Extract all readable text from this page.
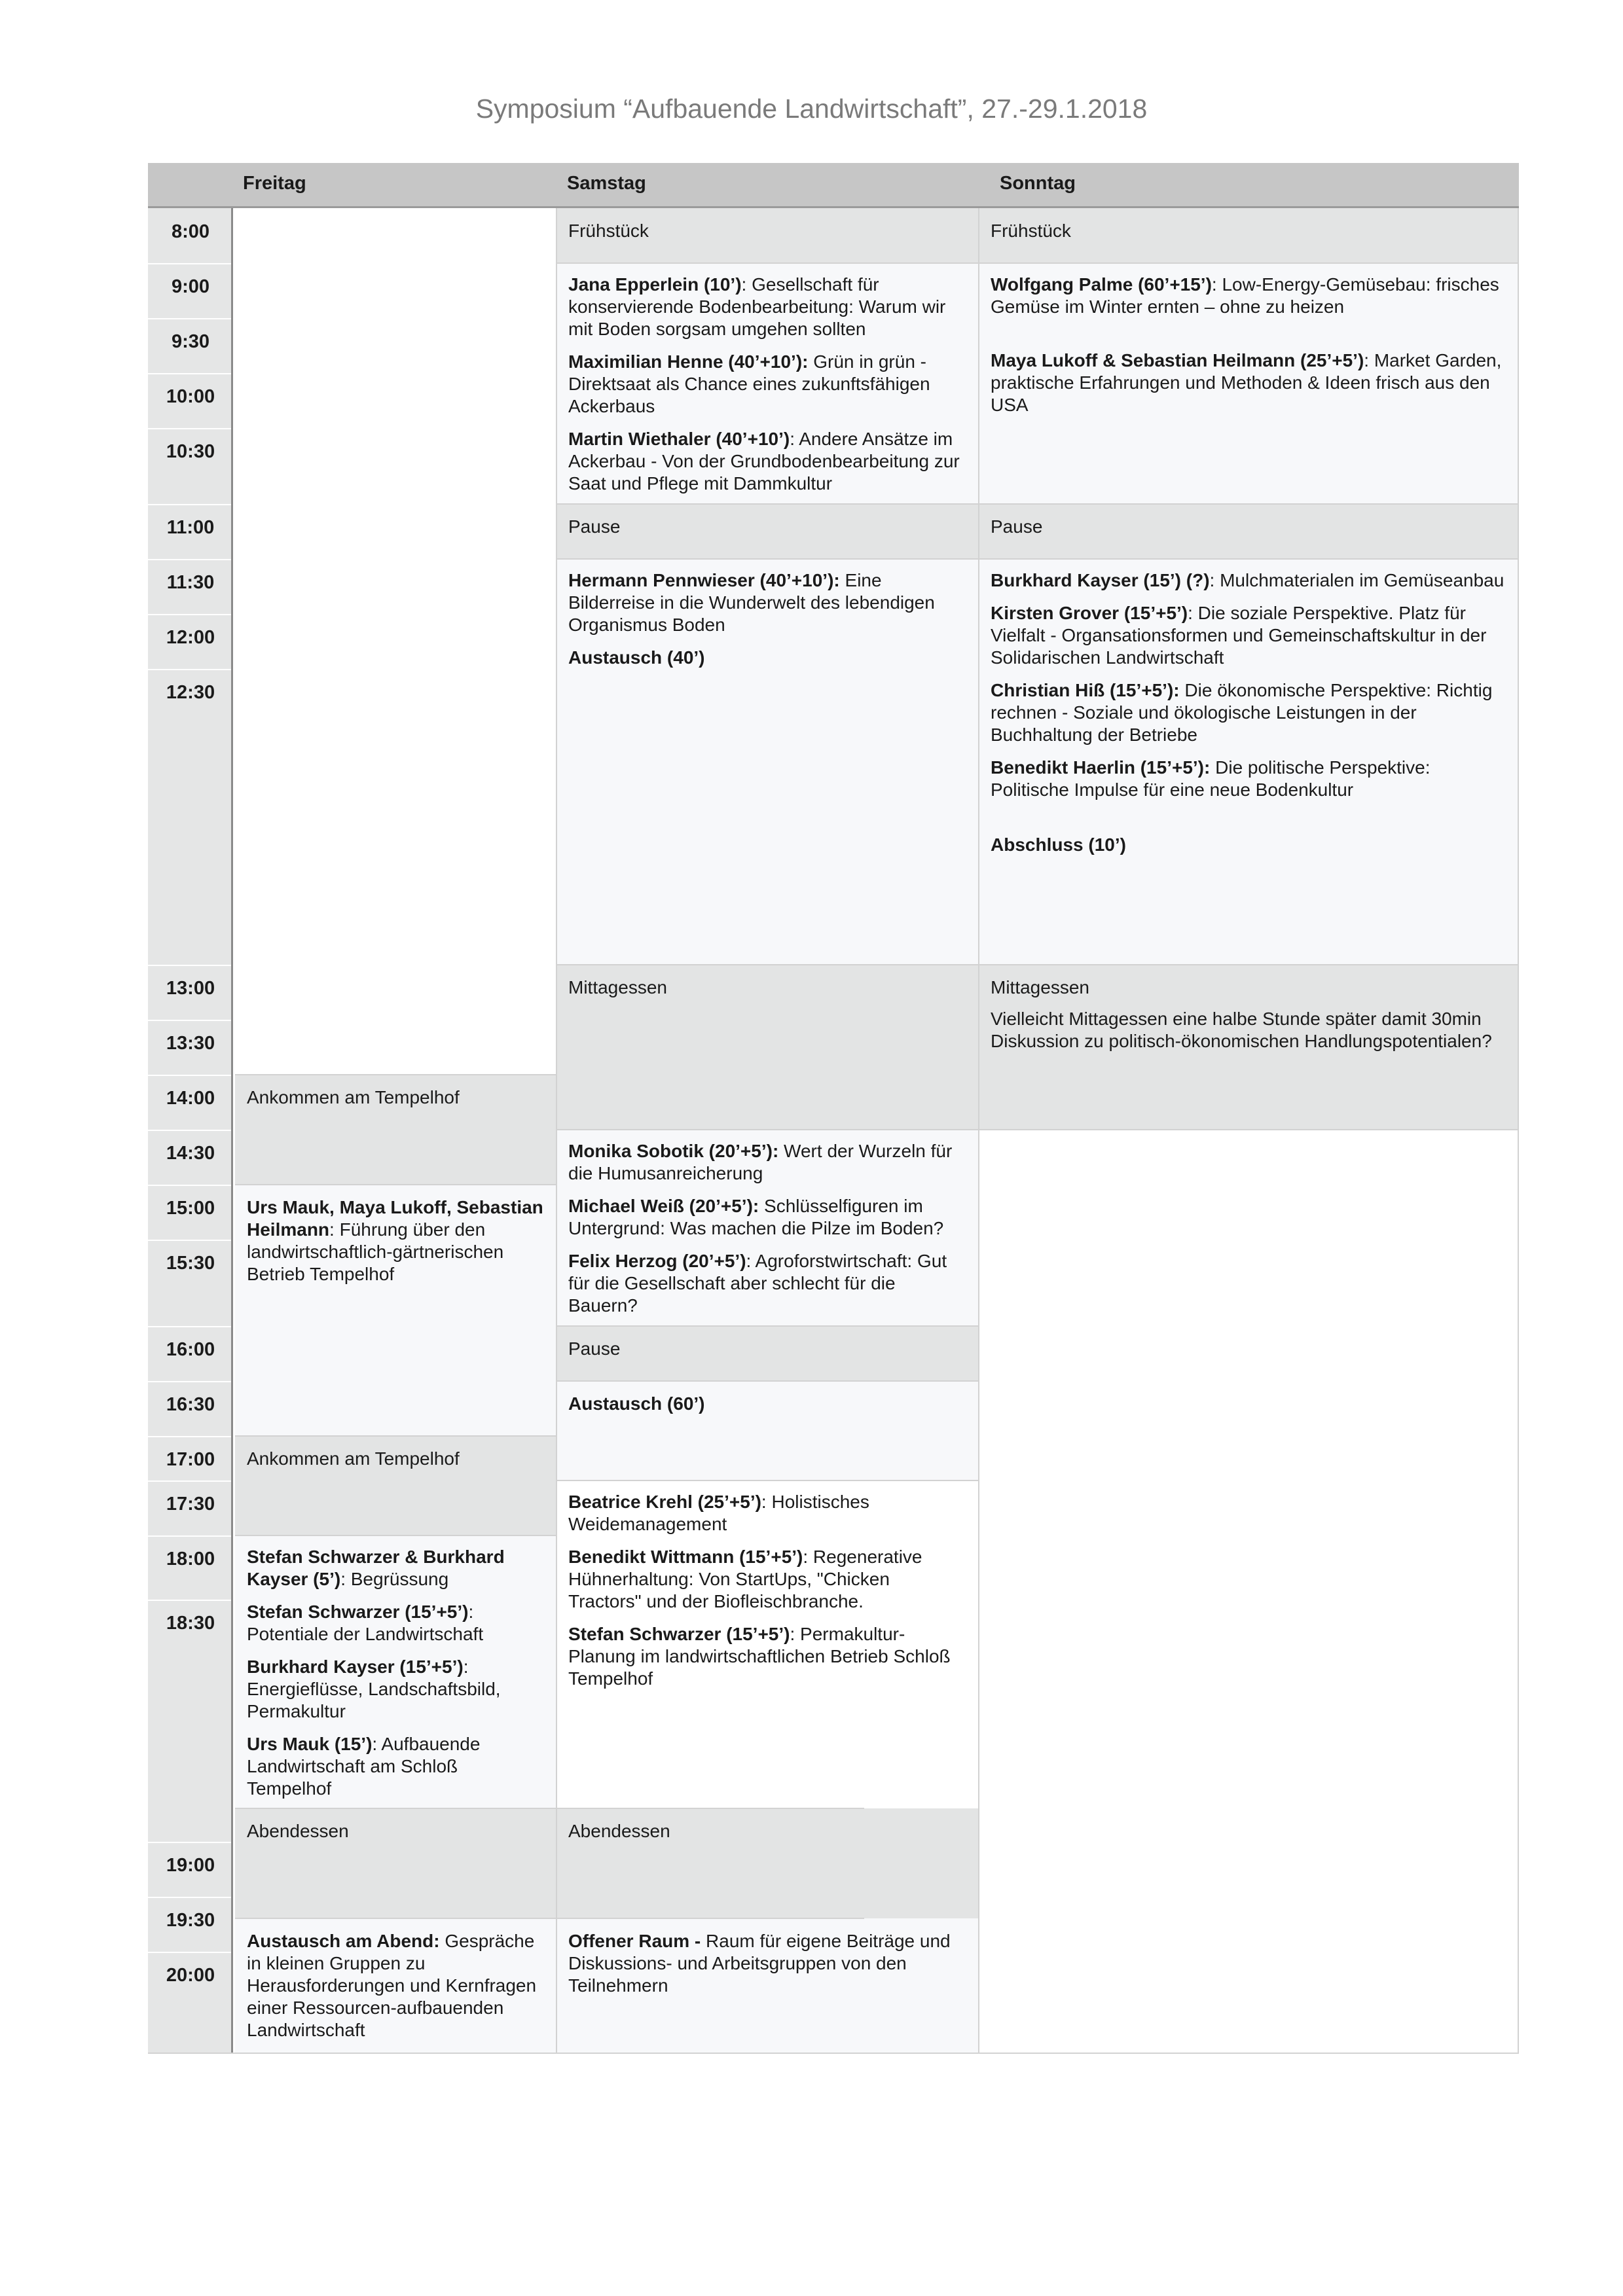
Symposium “Aufbauende Landwirtschaft”, 27.-29.1.2018
Freitag	Samstag	Sonntag
8:00
9:00
9:30
10:00
10:30
11:00
11:30
12:00
12:30
13:00
13:30
14:00
14:30
15:00
15:30
16:00
16:30
17:00
17:30
18:00
18:30
19:00
19:30
20:00
Ankommen am Tempelhof

Urs Mauk, Maya Lukoff, Sebastian Heilmann: Führung über den landwirtschaftlich-gärtnerischen Betrieb Tempelhof

Ankommen am Tempelhof

Stefan Schwarzer & Burkhard Kayser (5’): Begrüssung

Stefan Schwarzer (15’+5’): Potentiale der Landwirtschaft

Burkhard Kayser (15’+5’): Energieflüsse, Landschaftsbild, Permakultur

Urs Mauk (15’): Aufbauende Landwirtschaft am Schloß Tempelhof

Abendessen

Austausch am Abend: Gespräche in kleinen Gruppen zu Herausforderungen und Kernfragen einer Ressourcen-aufbauenden Landwirtschaft

Frühstück

Jana Epperlein (10’): Gesellschaft für konservierende Bodenbearbeitung: Warum wir mit Boden sorgsam umgehen sollten

Maximilian Henne (40’+10’): Grün in grün - Direktsaat als Chance eines zukunftsfähigen Ackerbaus

Martin Wiethaler (40’+10’): Andere Ansätze im Ackerbau - Von der Grundbodenbearbeitung zur Saat und Pflege mit Dammkultur

Pause

Hermann Pennwieser (40’+10’): Eine Bilderreise in die Wunderwelt des lebendigen Organismus Boden

Austausch (40’)

Mittagessen

Monika Sobotik (20’+5’): Wert der Wurzeln für die Humusanreicherung

Michael Weiß (20’+5’): Schlüsselfiguren im Untergrund: Was machen die Pilze im Boden?

Felix Herzog (20’+5’): Agroforstwirtschaft: Gut für die Gesellschaft aber schlecht für die Bauern?

Pause
Austausch (60’)

Beatrice Krehl (25’+5’): Holistisches Weidemanagement

Benedikt Wittmann (15’+5’): Regenerative Hühnerhaltung: Von StartUps, "Chicken Tractors" und der Biofleischbranche.

Stefan Schwarzer (15’+5’): Permakultur-Planung im landwirtschaftlichen Betrieb Schloß Tempelhof

Abendessen

Offener Raum - Raum für eigene Beiträge und Diskussions- und Arbeitsgruppen von den Teilnehmern

Frühstück

Wolfgang Palme (60’+15’): Low-Energy-Gemüsebau: frisches Gemüse im Winter ernten – ohne zu heizen

Maya Lukoff & Sebastian Heilmann (25’+5’): Market Garden, praktische Erfahrungen und Methoden & Ideen frisch aus den USA

Pause

Burkhard Kayser (15’) (?): Mulchmaterialen im Gemüseanbau

Kirsten Grover (15’+5’): Die soziale Perspektive. Platz für Vielfalt - Organsationsformen und Gemeinschaftskultur in der Solidarischen Landwirtschaft

Christian Hiß (15’+5’): Die ökonomische Perspektive: Richtig rechnen - Soziale und ökologische Leistungen in der Buchhaltung der Betriebe

Benedikt Haerlin (15’+5’): Die politische Perspektive: Politische Impulse für eine neue Bodenkultur

Abschluss (10’)

Mittagessen

Vielleicht Mittagessen eine halbe Stunde später damit 30min Diskussion zu politisch-ökonomischen Handlungspotentialen?
